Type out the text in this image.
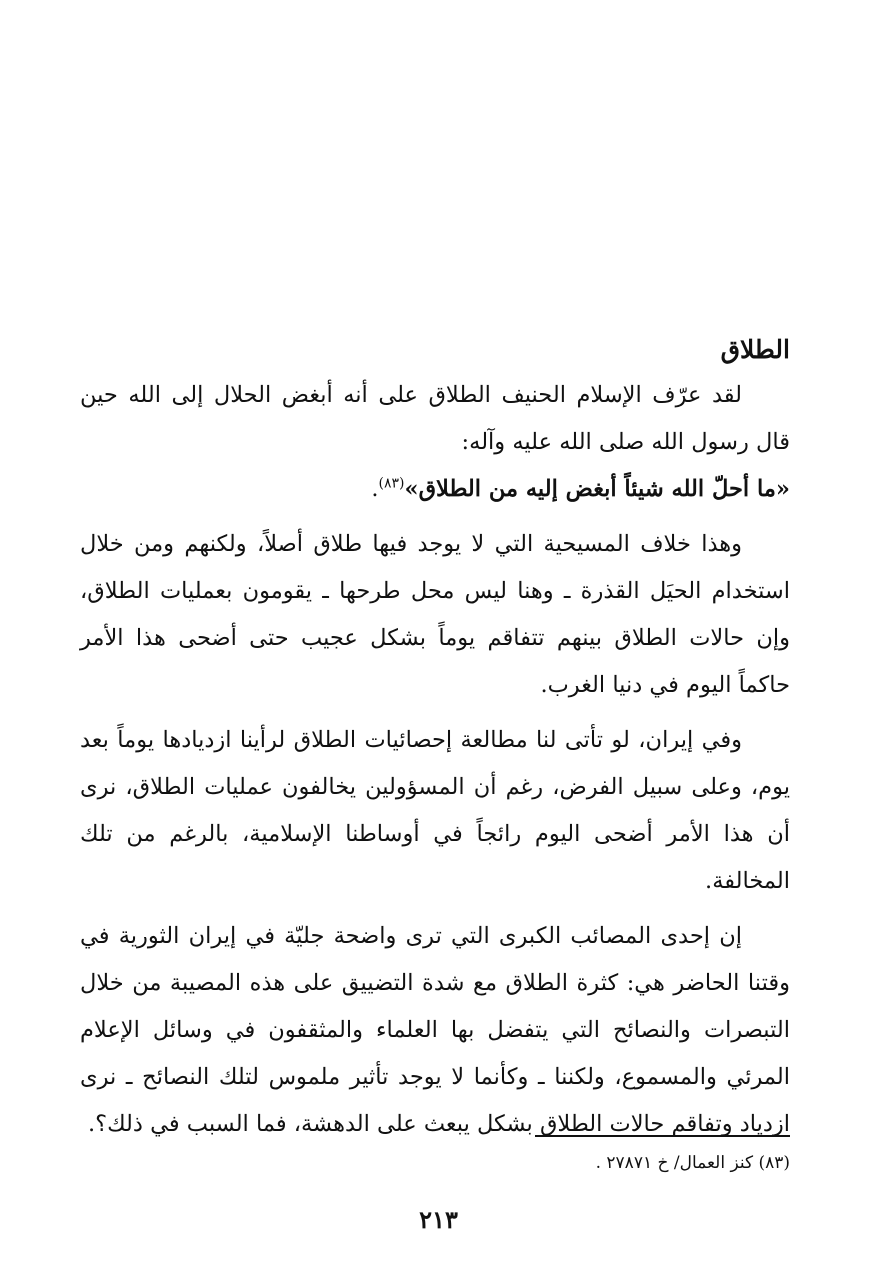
الطلاق

لقد عرّف الإسلام الحنيف الطلاق على أنه أبغض الحلال إلى الله حين قال رسول الله صلى الله عليه وآله:

«ما أحلّ الله شيئاً أبغض إليه من الطلاق»$^{(٨٣)}$.

وهذا خلاف المسيحية التي لا يوجد فيها طلاق أصلاً، ولكنهم ومن خلال استخدام الحيَل القذرة ـ وهنا ليس محل طرحها ـ يقومون بعمليات الطلاق، وإن حالات الطلاق بينهم تتفاقم يوماً بشكل عجيب حتى أضحى هذا الأمر حاكماً اليوم في دنيا الغرب.

وفي إيران، لو تأتى لنا مطالعة إحصائيات الطلاق لرأينا ازديادها يوماً بعد يوم، وعلى سبيل الفرض، رغم أن المسؤولين يخالفون عمليات الطلاق، نرى أن هذا الأمر أضحى اليوم رائجاً في أوساطنا الإسلامية، بالرغم من تلك المخالفة.

إن إحدى المصائب الكبرى التي ترى واضحة جليّة في إيران الثورية في وقتنا الحاضر هي: كثرة الطلاق مع شدة التضييق على هذه المصيبة من خلال التبصرات والنصائح التي يتفضل بها العلماء والمثقفون في وسائل الإعلام المرئي والمسموع، ولكننا ـ وكأنما لا يوجد تأثير ملموس لتلك النصائح ـ نرى ازدياد وتفاقم حالات الطلاق بشكل يبعث على الدهشة، فما السبب في ذلك؟.

(٨٣) كنز العمال/ خ ٢٧٨٧١ .
٢١٣
